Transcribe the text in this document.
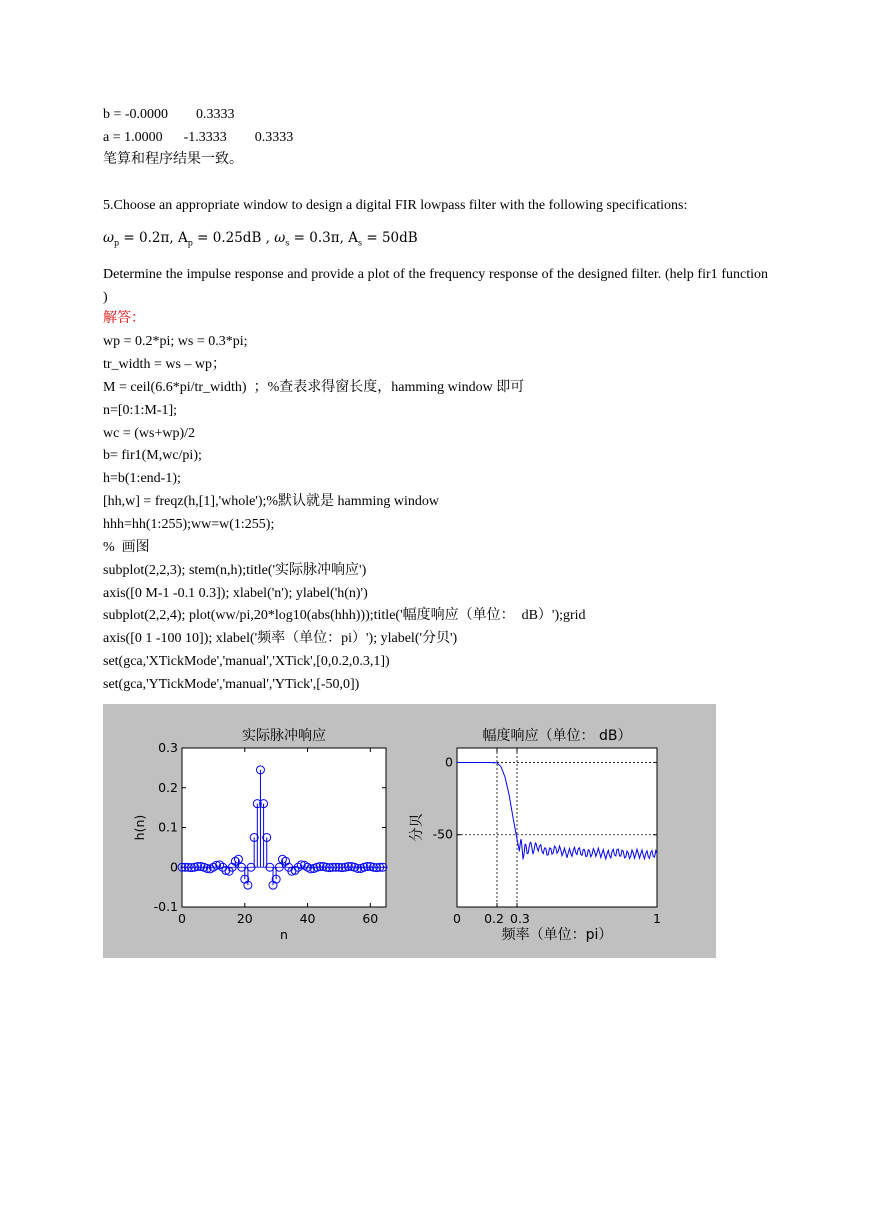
b = -0.0000        0.3333
a = 1.0000      -1.3333        0.3333
笔算和程序结果一致。
5.Choose an appropriate window to design a digital FIR lowpass filter with the following specifications:
$\omega_p = 0.2\pi$, $A_p = 0.25dB$ , $\omega_s = 0.3\pi$, $A_s = 50dB$
Determine the impulse response and provide a plot of the frequency response of the designed filter. (help fir1 function )
解答：
wp = 0.2*pi; ws = 0.3*pi;
tr_width = ws – wp；
M = ceil(6.6*pi/tr_width)  ；%查表求得窗长度，hamming window 即可
n=[0:1:M-1];
wc = (ws+wp)/2
b= fir1(M,wc/pi);
h=b(1:end-1);
[hh,w] = freqz(h,[1],'whole');%默认就是 hamming window
hhh=hh(1:255);ww=w(1:255);
%  画图
subplot(2,2,3); stem(n,h);title('实际脉冲响应')
axis([0 M-1 -0.1 0.3]); xlabel('n'); ylabel('h(n)')
subplot(2,2,4); plot(ww/pi,20*log10(abs(hhh)));title('幅度响应（单位：  dB）');grid
axis([0 1 -100 10]); xlabel('频率（单位：pi）'); ylabel('分贝')
set(gca,'XTickMode','manual','XTick',[0,0.2,0.3,1])
set(gca,'YTickMode','manual','YTick',[-50,0])
0	20	40	60
-0.1
0
0.1
0.2
0.3
实际脉冲响应
n
h(n)
0 0.2 0.3	1
-50
0
幅度响应（单位： dB）
频率（单位：pi）
分贝
